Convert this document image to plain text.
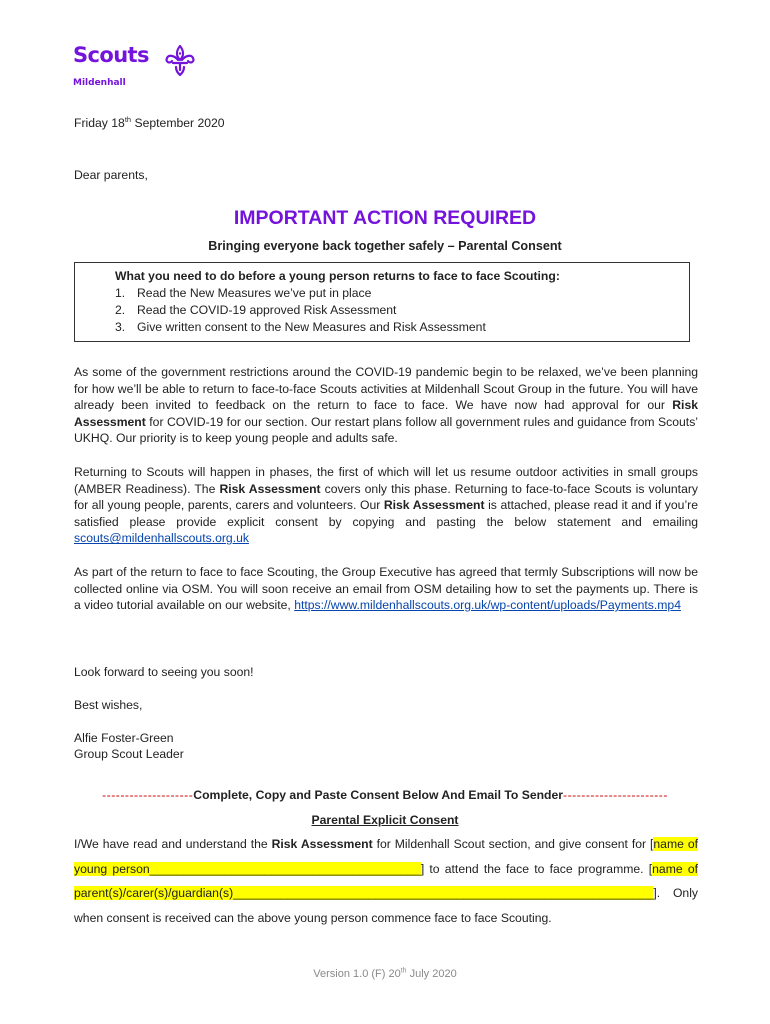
Scouts
Mildenhall
Friday 18th September 2020
Dear parents,
IMPORTANT ACTION REQUIRED
Bringing everyone back together safely – Parental Consent
What you need to do before a young person returns to face to face Scouting:
1. Read the New Measures we’ve put in place
2. Read the COVID-19 approved Risk Assessment
3. Give written consent to the New Measures and Risk Assessment
As some of the government restrictions around the COVID-19 pandemic begin to be relaxed, we’ve been planning for how we’ll be able to return to face-to-face Scouts activities at Mildenhall Scout Group in the future. You will have already been invited to feedback on the return to face to face. We have now had approval for our Risk Assessment for COVID-19 for our section. Our restart plans follow all government rules and guidance from Scouts’ UKHQ. Our priority is to keep young people and adults safe.
Returning to Scouts will happen in phases, the first of which will let us resume outdoor activities in small groups (AMBER Readiness). The Risk Assessment covers only this phase. Returning to face-to-face Scouts is voluntary for all young people, parents, carers and volunteers. Our Risk Assessment is attached, please read it and if you’re satisfied please provide explicit consent by copying and pasting the below statement and emailing scouts@mildenhallscouts.org.uk
As part of the return to face to face Scouting, the Group Executive has agreed that termly Subscriptions will now be collected online via OSM. You will soon receive an email from OSM detailing how to set the payments up. There is a video tutorial available on our website, https://www.mildenhallscouts.org.uk/wp-content/uploads/Payments.mp4
Look forward to seeing you soon!
Best wishes,
Alfie Foster-Green
Group Scout Leader
--------------------Complete, Copy and Paste Consent Below And Email To Sender-----------------------
Parental Explicit Consent
I/We have read and understand the Risk Assessment for Mildenhall Scout section, and give consent for [name of young person________________________________________] to attend the face to face programme. [name of parent(s)/carer(s)/guardian(s)______________________________________________________________]. Only when consent is received can the above young person commence face to face Scouting.
Version 1.0 (F) 20th July 2020
